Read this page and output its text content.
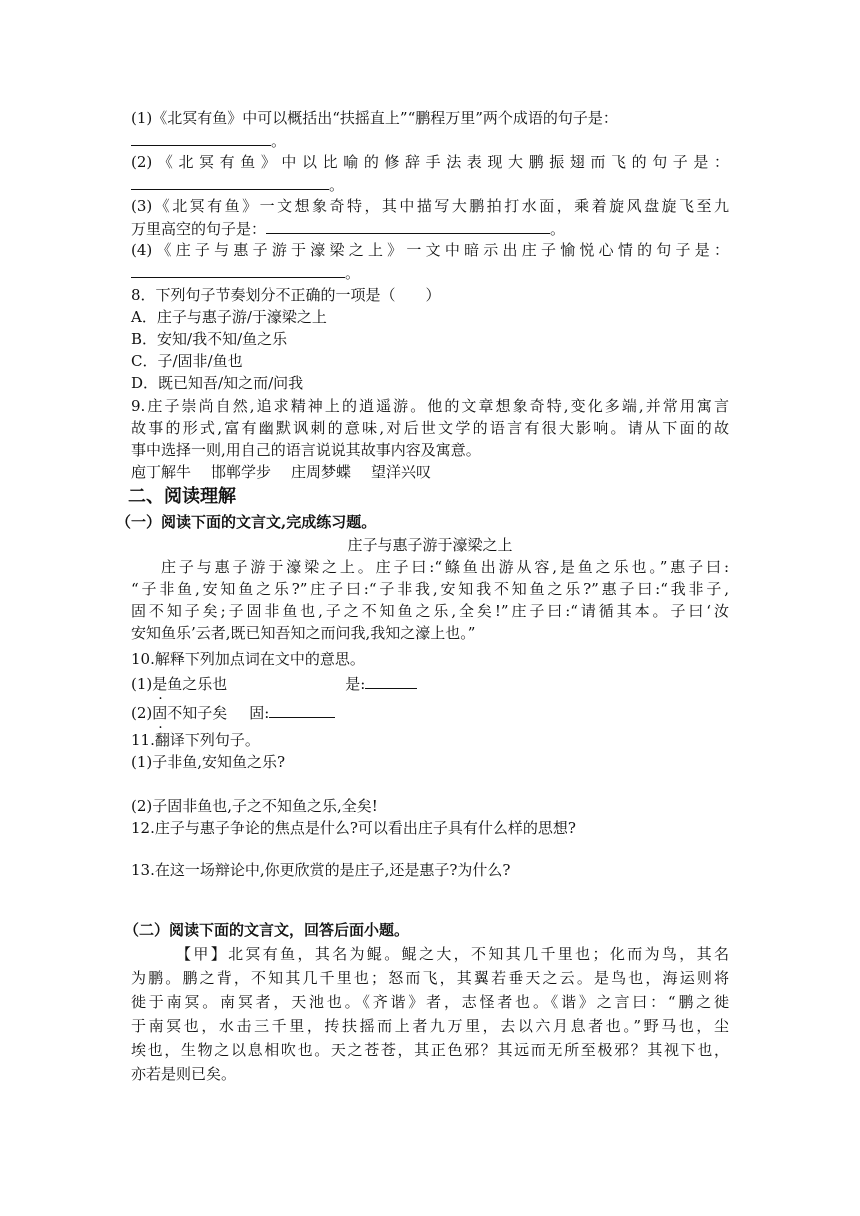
(1)《北冥有鱼》中可以概括出“扶摇直上”“鹏程万里”两个成语的句子是：
。
(2)《北冥有鱼》中以比喻的修辞手法表现大鹏振翅而飞的句子是：
。
(3)《北冥有鱼》一文想象奇特，其中描写大鹏拍打水面，乘着旋风盘旋飞至九
万里高空的句子是：	。
(4)《庄子与惠子游于濠梁之上》一文中暗示出庄子愉悦心情的句子是：
。
8．下列句子节奏划分不正确的一项是（　　）
A．庄子与惠子游/于濠梁之上
B．安知/我不知/鱼之乐
C．子/固非/鱼也
D．既已知吾/知之而/问我
9.庄子崇尚自然,追求精神上的逍遥游。他的文章想象奇特,变化多端,并常用寓言
故事的形式,富有幽默讽刺的意味,对后世文学的语言有很大影响。请从下面的故
事中选择一则,用自己的语言说说其故事内容及寓意。
庖丁解牛 邯郸学步 庄周梦蝶 望洋兴叹
二、阅读理解
（一）阅读下面的文言文,完成练习题。
庄子与惠子游于濠梁之上
庄子与惠子游于濠梁之上。庄子曰:“鲦鱼出游从容,是鱼之乐也。”惠子曰:
“子非鱼,安知鱼之乐?”庄子曰:“子非我,安知我不知鱼之乐?”惠子曰:“我非子,
固不知子矣;子固非鱼也,子之不知鱼之乐,全矣!”庄子曰:“请循其本。子曰‘汝
安知鱼乐’云者,既已知吾知之而问我,我知之濠上也。”
10.解释下列加点词在文中的意思。
(1)是鱼之乐也	是:
(2)固不知子矣 固:
11.翻译下列句子。
(1)子非鱼,安知鱼之乐?
(2)子固非鱼也,子之不知鱼之乐,全矣!
12.庄子与惠子争论的焦点是什么?可以看出庄子具有什么样的思想?
13.在这一场辩论中,你更欣赏的是庄子,还是惠子?为什么?
（二）阅读下面的文言文，回答后面小题。
【甲】北冥有鱼，其名为鲲。鲲之大，不知其几千里也；化而为鸟，其名
为鹏。鹏之背，不知其几千里也；怒而飞，其翼若垂天之云。是鸟也，海运则将
徙于南冥。南冥者，天池也。《齐谐》者，志怪者也。《谐》之言曰：“鹏之徙
于南冥也，水击三千里，抟扶摇而上者九万里，去以六月息者也。”野马也，尘
埃也，生物之以息相吹也。天之苍苍，其正色邪？其远而无所至极邪？其视下也，
亦若是则已矣。
